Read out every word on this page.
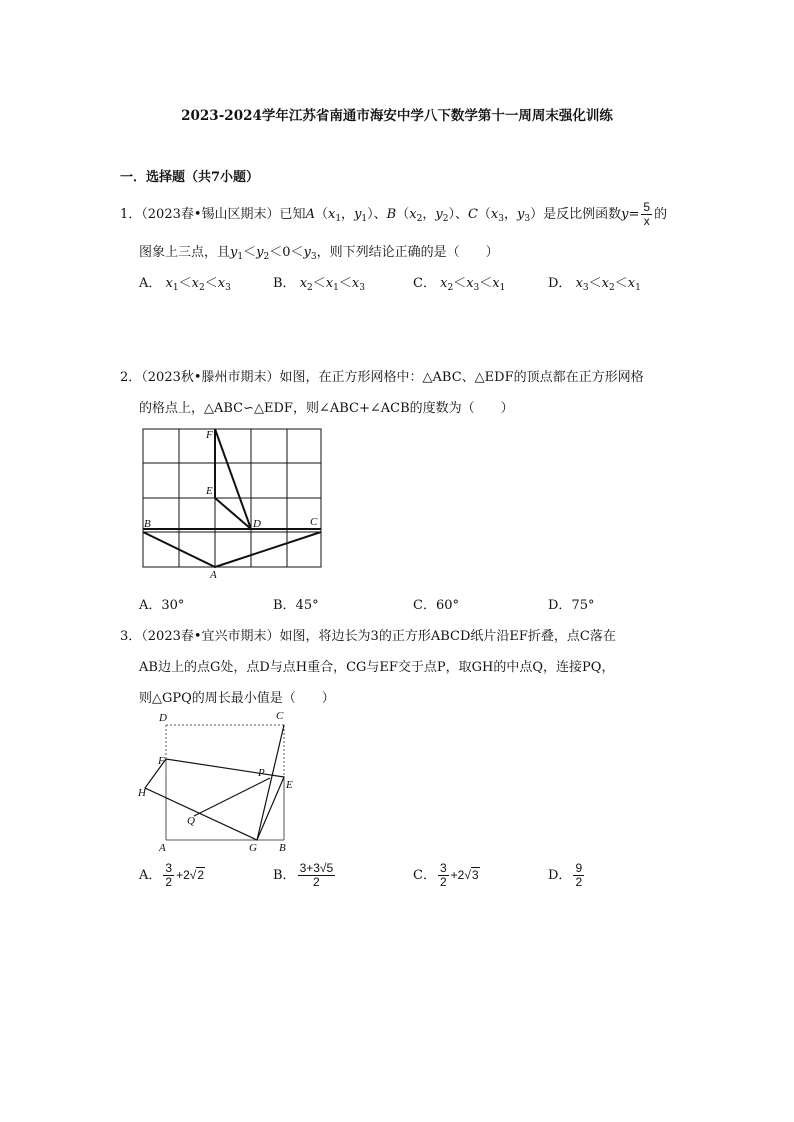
2023-2024学年江苏省南通市海安中学八下数学第十一周周末强化训练
一．选择题（共7小题）
1．（2023春•锡山区期末）已知$A(x_1$，$y_1$）、$B(x_2$，$y_2$）、$C(x_3$，$y_3$）是反比例函数$y= \frac{5}{x}$ 的
图象上三点，且$y_1<y_2<0<y_3$，则下列结论正确的是（　　）
A． $x_1<x_2<x_3$	B． $x_2<x_1<x_3$	C． $x_2<x_3<x_1$	D． $x_3<x_2<x_1$
2．（2023秋•滕州市期末）如图，在正方形网格中：△ABC、△EDF的顶点都在正方形网格
的格点上，△ABC∽△EDF，则∠ABC+∠ACB的度数为（　　）
F
E
B	D	C
A
A．30°	B．45°	C．60°	D．75°
3．（2023春•宜兴市期末）如图，将边长为3的正方形ABCD纸片沿EF折叠，点C落在
AB边上的点G处，点D与点H重合，CG与EF交于点P，取GH的中点Q，连接PQ，
则△GPQ的周长最小值是（　　）
D	C
F
P
E
H
Q
A	G B
A． $\frac{3}{2} +2√2$	B． $\frac{3+3√5}{2}$	C． $\frac{3}{2} +2√3$	D． $\frac{9}{2}$
